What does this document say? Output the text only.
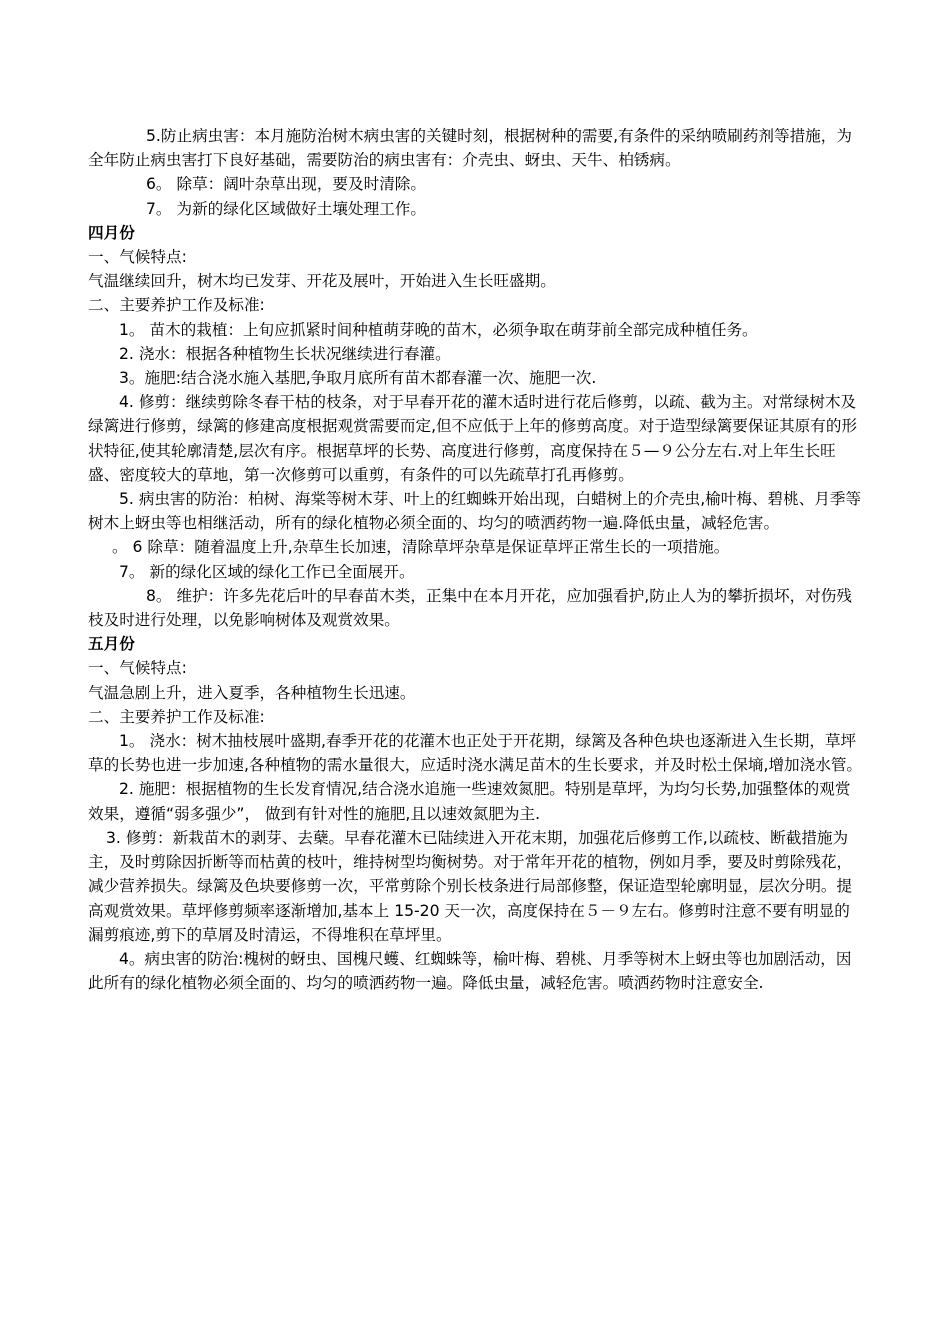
5.防止病虫害：本月施防治树木病虫害的关键时刻，根据树种的需要,有条件的采纳喷刷药剂等措施，为全年防止病虫害打下良好基础，需要防治的病虫害有：介壳虫、蚜虫、天牛、柏锈病。

6。 除草：阔叶杂草出现，要及时清除。

7。 为新的绿化区域做好土壤处理工作。

四月份

一、气候特点:

气温继续回升，树木均已发芽、开花及展叶，开始进入生长旺盛期。

二、主要养护工作及标准:

1。 苗木的栽植：上旬应抓紧时间种植萌芽晚的苗木，必须争取在萌芽前全部完成种植任务。

2. 浇水：根据各种植物生长状况继续进行春灌。

3。施肥:结合浇水施入基肥,争取月底所有苗木都春灌一次、施肥一次.

4. 修剪：继续剪除冬春干枯的枝条，对于早春开花的灌木适时进行花后修剪，以疏、截为主。对常绿树木及绿篱进行修剪，绿篱的修建高度根据观赏需要而定,但不应低于上年的修剪高度。对于造型绿篱要保证其原有的形状特征,使其轮廓清楚,层次有序。根据草坪的长势、高度进行修剪，高度保持在５—９公分左右.对上年生长旺盛、密度较大的草地，第一次修剪可以重剪，有条件的可以先疏草打孔再修剪。

5. 病虫害的防治：柏树、海棠等树木芽、叶上的红蜘蛛开始出现，白蜡树上的介壳虫,榆叶梅、碧桃、月季等树木上蚜虫等也相继活动，所有的绿化植物必须全面的、均匀的喷洒药物一遍.降低虫量，减轻危害。

。 6 除草：随着温度上升,杂草生长加速，清除草坪杂草是保证草坪正常生长的一项措施。

7。 新的绿化区域的绿化工作已全面展开。

8。 维护：许多先花后叶的早春苗木类，正集中在本月开花，应加强看护,防止人为的攀折损坏，对伤残枝及时进行处理，以免影响树体及观赏效果。

五月份

一、气候特点:

气温急剧上升，进入夏季，各种植物生长迅速。

二、主要养护工作及标准:

1。 浇水：树木抽枝展叶盛期,春季开花的花灌木也正处于开花期，绿篱及各种色块也逐渐进入生长期，草坪草的长势也进一步加速,各种植物的需水量很大，应适时浇水满足苗木的生长要求，并及时松土保墒,增加浇水管。

2. 施肥：根据植物的生长发育情况,结合浇水追施一些速效氮肥。特别是草坪，为均匀长势,加强整体的观赏效果，遵循“弱多强少”， 做到有针对性的施肥,且以速效氮肥为主.

3. 修剪：新栽苗木的剥芽、去蘖。早春花灌木已陆续进入开花末期，加强花后修剪工作,以疏枝、断截措施为主，及时剪除因折断等而枯黄的枝叶，维持树型均衡树势。对于常年开花的植物，例如月季，要及时剪除残花，减少营养损失。绿篱及色块要修剪一次，平常剪除个别长枝条进行局部修整，保证造型轮廓明显，层次分明。提高观赏效果。草坪修剪频率逐渐增加,基本上 15-20 天一次，高度保持在５－９左右。修剪时注意不要有明显的漏剪痕迹,剪下的草屑及时清运，不得堆积在草坪里。

4。病虫害的防治:槐树的蚜虫、国槐尺蠖、红蜘蛛等，榆叶梅、碧桃、月季等树木上蚜虫等也加剧活动，因此所有的绿化植物必须全面的、均匀的喷洒药物一遍。降低虫量，减轻危害。喷洒药物时注意安全.
